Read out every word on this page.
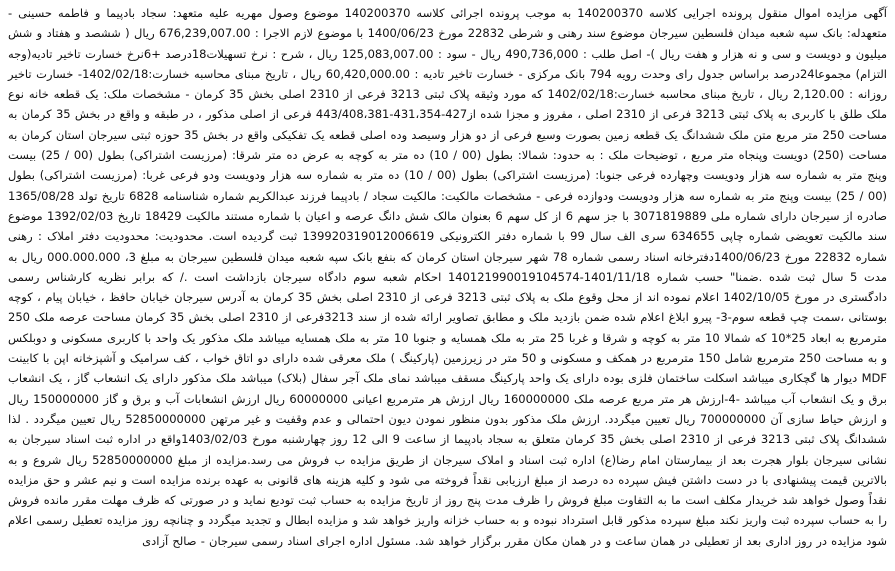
آگهی مزایده اموال منقول پرونده اجرایی کلاسه 140200370 به موجب پرونده اجرائی کلاسه 140200370 موضوع وصول مهریه علیه متعهد: سجاد بادپیما و فاطمه حسینی - متعهدله: بانک سپه شعبه میدان فلسطین سیرجان موضوع سند رهنی و شرطی 22832 مورخ 1400/06/23 با موضوع لازم الاجرا : 676,239,007.00 ریال ( ششصد و هفتاد و شش میلیون و دویست و سی و نه هزار و هفت ریال )- اصل طلب : 490,736,000 ریال - سود : 125,083,007.00 ریال ، شرح : نرخ تسهیلات18درصد +6نرخ خسارت تاخیر تادیه(وجه التزام) مجموعا24درصد براساس جدول رای وحدت رویه 794 بانک مرکزی - خسارت تاخیر تادیه : 60,420,000.00 ریال ، تاریخ مبنای محاسبه خسارت:1402/02/18- خسارت تاخیر روزانه : 2,120.00 ریال ، تاریخ مبنای محاسبه خسارت:1402/02/18 که مورد وثیقه پلاک ثبتی 3213 فرعی از 2310 اصلی بخش 35 کرمان - مشخصات ملک: یک قطعه خانه نوع ملک طلق با کاربری به پلاک ثبتی 3213 فرعی از 2310 اصلی ، مفروز و مجزا شده از427-431،354-443/408،381 فرعی از اصلی مذکور ، در طبقه و واقع در بخش 35 کرمان به مساحت 250 متر مربع متن ملک ششدانگ یک قطعه زمین بصورت وسیع فرعی از دو هزار وسیصد وده اصلی قطعه یک تفکیکی واقع در بخش 35 حوزه ثبتی سیرجان استان کرمان به مساحت (250) دویست وپنجاه متر مربع ، توضیحات ملک : به حدود: شمالا: بطول (00 / 10) ده متر به کوچه به عرض ده متر شرقا: (مرزیست اشتراکی) بطول (00 / 25) بیست وپنج متر به شماره سه هزار ودویست وچهارده فرعی جنوبا: (مرزیست اشتراکی) بطول (00 / 10) ده متر به شماره سه هزار ودویست ودو فرعی غربا: (مرزیست اشتراکی) بطول (00 / 25) بیست وپنج متر به شماره سه هزار ودویست ودوازده فرعی - مشخصات مالکیت: مالکیت سجاد / بادپیما فرزند عبدالکریم شماره شناسنامه 6828 تاریخ تولد 1365/08/28 صادره از سیرجان دارای شماره ملی 3071819889 با جز سهم 6 از کل سهم 6 بعنوان مالک شش دانگ عرصه و اعیان با شماره مستند مالکیت 18429 تاریخ 1392/02/03 موضوع سند مالکیت تعویضی شماره چاپی 634655 سری الف سال 99 با شماره دفتر الکترونیکی 139920319012006619 ثبت گردیده است. محدودیت: محدودیت دفتر املاک : رهنی شماره 22832 مورخ 1400/06/23دفترخانه اسناد رسمی شماره 78 شهر سیرجان استان کرمان که بنفع بانک سپه شعبه میدان فلسطین سیرجان به مبلغ 3، 000.000.000 ریال به مدت 5 سال ثبت شده .ضمنا" حسب شماره 1401/11/18-140121990019104574 احکام شعبه سوم دادگاه سیرجان بازداشت است ./ که برابر نظریه کارشناس رسمی دادگستری در مورخ 1402/10/05 اعلام نموده اند از محل وقوع ملک به پلاک ثبتی 3213 فرعی از 2310 اصلی بخش 35 کرمان به آدرس سیرجان خیابان حافظ ، خیابان پیام ، کوچه بوستانی ،سمت چپ قطعه سوم-3- پیرو ابلاغ اعلام شده ضمن بازدید ملک و مطابق تصاویر ارائه شده از سند 3213فرعی از 2310 اصلی بخش 35 کرمان مساحت عرصه ملک 250 مترمربع به ابعاد 25*10 که شمالا 10 متر به کوچه و شرقا و غربا 25 متر به ملک همسایه و جنوبا 10 متر به ملک همسایه میباشد ملک مذکور یک واحد با کاربری مسکونی و دوبلکس و به مساحت 250 مترمربع شامل 150 مترمربع در همکف و مسکونی و 50 متر در زیرزمین (پارکینگ ) ملک معرقی شده دارای دو اتاق خواب ، کف سرامیک و آشپزخانه اپن با کابینت MDF دیوار ها گچکاری میباشد اسکلت ساختمان فلزی بوده دارای یک واحد پارکینگ مسقف میباشد نمای ملک آجر سفال (بلاک) میباشد ملک مذکور دارای یک انشعاب گاز ، یک انشعاب برق و یک انشعاب آب میباشد -4-ارزش هر متر مربع عرصه ملک 160000000 ریال ارزش هر مترمربع اعیانی 60000000 ریال ارزش انشعابات آب و برق و گاز 150000000 ریال و ارزش حیاط سازی آن 700000000 ریال تعیین میگردد. ارزش ملک مذکور بدون منظور نمودن دیون احتمالی و عدم وقفیت و غیر مرتهن 52850000000 ریال تعیین میگردد . لذا ششدانگ پلاک ثبتی 3213 فرعی از 2310 اصلی بخش 35 کرمان متعلق به سجاد بادپیما از ساعت 9 الی 12 روز چهارشنبه مورخ 1403/02/03واقع در اداره ثبت اسناد سیرجان به نشانی سیرجان بلوار هجرت بعد از بیمارستان امام رضا(ع) اداره ثبت اسناد و املاک سیرجان از طریق مزایده ب فروش می رسد.مزایده از مبلغ 52850000000 ریال شروع و به بالاترین قیمت پیشنهادی با در دست داشتن فیش سپرده ده درصد از مبلغ ارزیابی نقداً فروخته می شود و کلیه هزینه های قانونی به عهده برنده مزایده است و نیم عشر و حق مزایده نقداً وصول خواهد شد خریدار مکلف است ما به التفاوت مبلغ فروش را ظرف مدت پنج روز از تاریخ مزایده به حساب ثبت تودیع نماید و در صورتی که ظرف مهلت مقرر مانده فروش را به حساب سپرده ثبت واریز نکند مبلغ سپرده مذکور قابل استرداد نبوده و به حساب خزانه واریز خواهد شد و مزایده ابطال و تجدید میگردد و چنانچه روز مزایده تعطیل رسمی اعلام شود مزایده در روز اداری بعد از تعطیلی در همان ساعت و در همان مکان مقرر برگزار خواهد شد. مسئول اداره اجرای اسناد رسمی سیرجان - صالح آزادی
